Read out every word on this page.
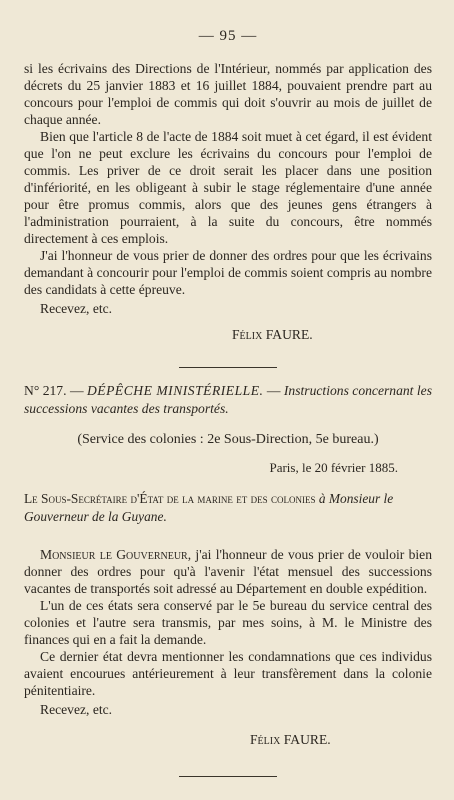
— 95 —

si les écrivains des Directions de l'Intérieur, nommés par application des décrets du 25 janvier 1883 et 16 juillet 1884, pouvaient prendre part au concours pour l'emploi de commis qui doit s'ouvrir au mois de juillet de chaque année.

Bien que l'article 8 de l'acte de 1884 soit muet à cet égard, il est évident que l'on ne peut exclure les écrivains du concours pour l'emploi de commis. Les priver de ce droit serait les placer dans une position d'infériorité, en les obligeant à subir le stage réglementaire d'une année pour être promus commis, alors que des jeunes gens étrangers à l'administration pourraient, à la suite du concours, être nommés directement à ces emplois.

J'ai l'honneur de vous prier de donner des ordres pour que les écrivains demandant à concourir pour l'emploi de commis soient compris au nombre des candidats à cette épreuve.

Recevez, etc.
Félix FAURE.

N° 217. — DÉPÊCHE MINISTÉRIELLE. — Instructions concernant les successions vacantes des transportés.

(Service des colonies : 2e Sous-Direction, 5e bureau.)
Paris, le 20 février 1885.

Le Sous-Secrétaire d'État de la marine et des colonies à Monsieur le Gouverneur de la Guyane.

Monsieur le Gouverneur, j'ai l'honneur de vous prier de vouloir bien donner des ordres pour qu'à l'avenir l'état mensuel des successions vacantes de transportés soit adressé au Département en double expédition.

L'un de ces états sera conservé par le 5e bureau du service central des colonies et l'autre sera transmis, par mes soins, à M. le Ministre des finances qui en a fait la demande.

Ce dernier état devra mentionner les condamnations que ces individus avaient encourues antérieurement à leur transfèrement dans la colonie pénitentiaire.

Recevez, etc.
Félix FAURE.
